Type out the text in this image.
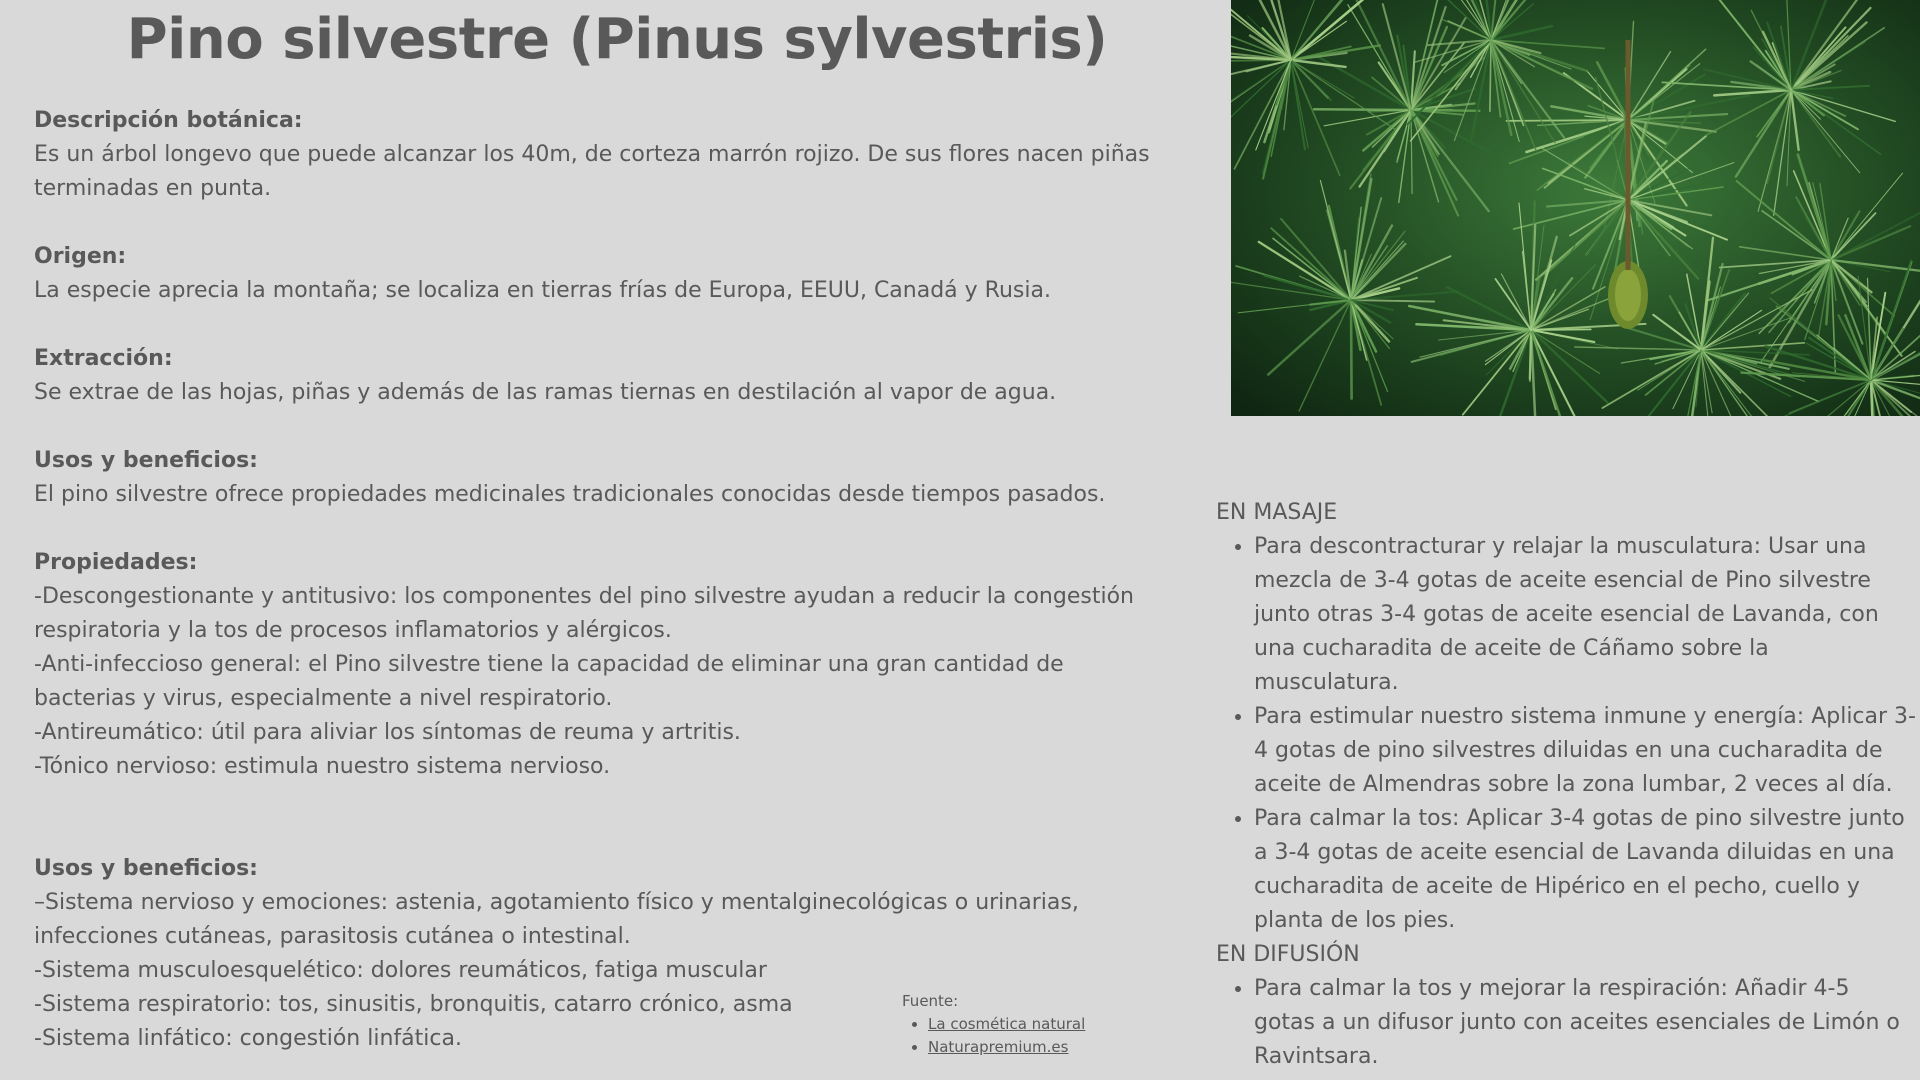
Pino silvestre (Pinus sylvestris)

Descripción botánica:

Es un árbol longevo que puede alcanzar los 40m, de corteza marrón rojizo. De sus flores nacen piñas terminadas en punta.

Origen:

La especie aprecia la montaña; se localiza en tierras frías de Europa, EEUU, Canadá y Rusia.

Extracción:

Se extrae de las hojas, piñas y además de las ramas tiernas en destilación al vapor de agua.

Usos y beneficios:

El pino silvestre ofrece propiedades medicinales tradicionales conocidas desde tiempos pasados.

Propiedades:

-Descongestionante y antitusivo: los componentes del pino silvestre ayudan a reducir la congestión respiratoria y la tos de procesos inflamatorios y alérgicos.

-Anti-infeccioso general: el Pino silvestre tiene la capacidad de eliminar una gran cantidad de bacterias y virus, especialmente a nivel respiratorio.

-Antireumático: útil para aliviar los síntomas de reuma y artritis.

-Tónico nervioso: estimula nuestro sistema nervioso.

Usos y beneficios:

–Sistema nervioso y emociones: astenia, agotamiento físico y mentalginecológicas o urinarias, infecciones cutáneas, parasitosis cutánea o intestinal.

-Sistema musculoesquelético: dolores reumáticos, fatiga muscular

-Sistema respiratorio: tos, sinusitis, bronquitis, catarro crónico, asma

-Sistema linfático: congestión linfática.

EN MASAJE

• Para descontracturar y relajar la musculatura: Usar una mezcla de 3-4 gotas de aceite esencial de Pino silvestre junto otras 3-4 gotas de aceite esencial de Lavanda, con una cucharadita de aceite de Cáñamo sobre la musculatura.
• Para estimular nuestro sistema inmune y energía: Aplicar 3-4 gotas de pino silvestres diluidas en una cucharadita de aceite de Almendras sobre la zona lumbar, 2 veces al día.
• Para calmar la tos: Aplicar 3-4 gotas de pino silvestre junto a 3-4 gotas de aceite esencial de Lavanda diluidas en una cucharadita de aceite de Hipérico en el pecho, cuello y planta de los pies.

EN DIFUSIÓN

• Para calmar la tos y mejorar la respiración: Añadir 4-5 gotas a un difusor junto con aceites esenciales de Limón o Ravintsara.

Fuente:

• La cosmética natural
• Naturapremium.es
